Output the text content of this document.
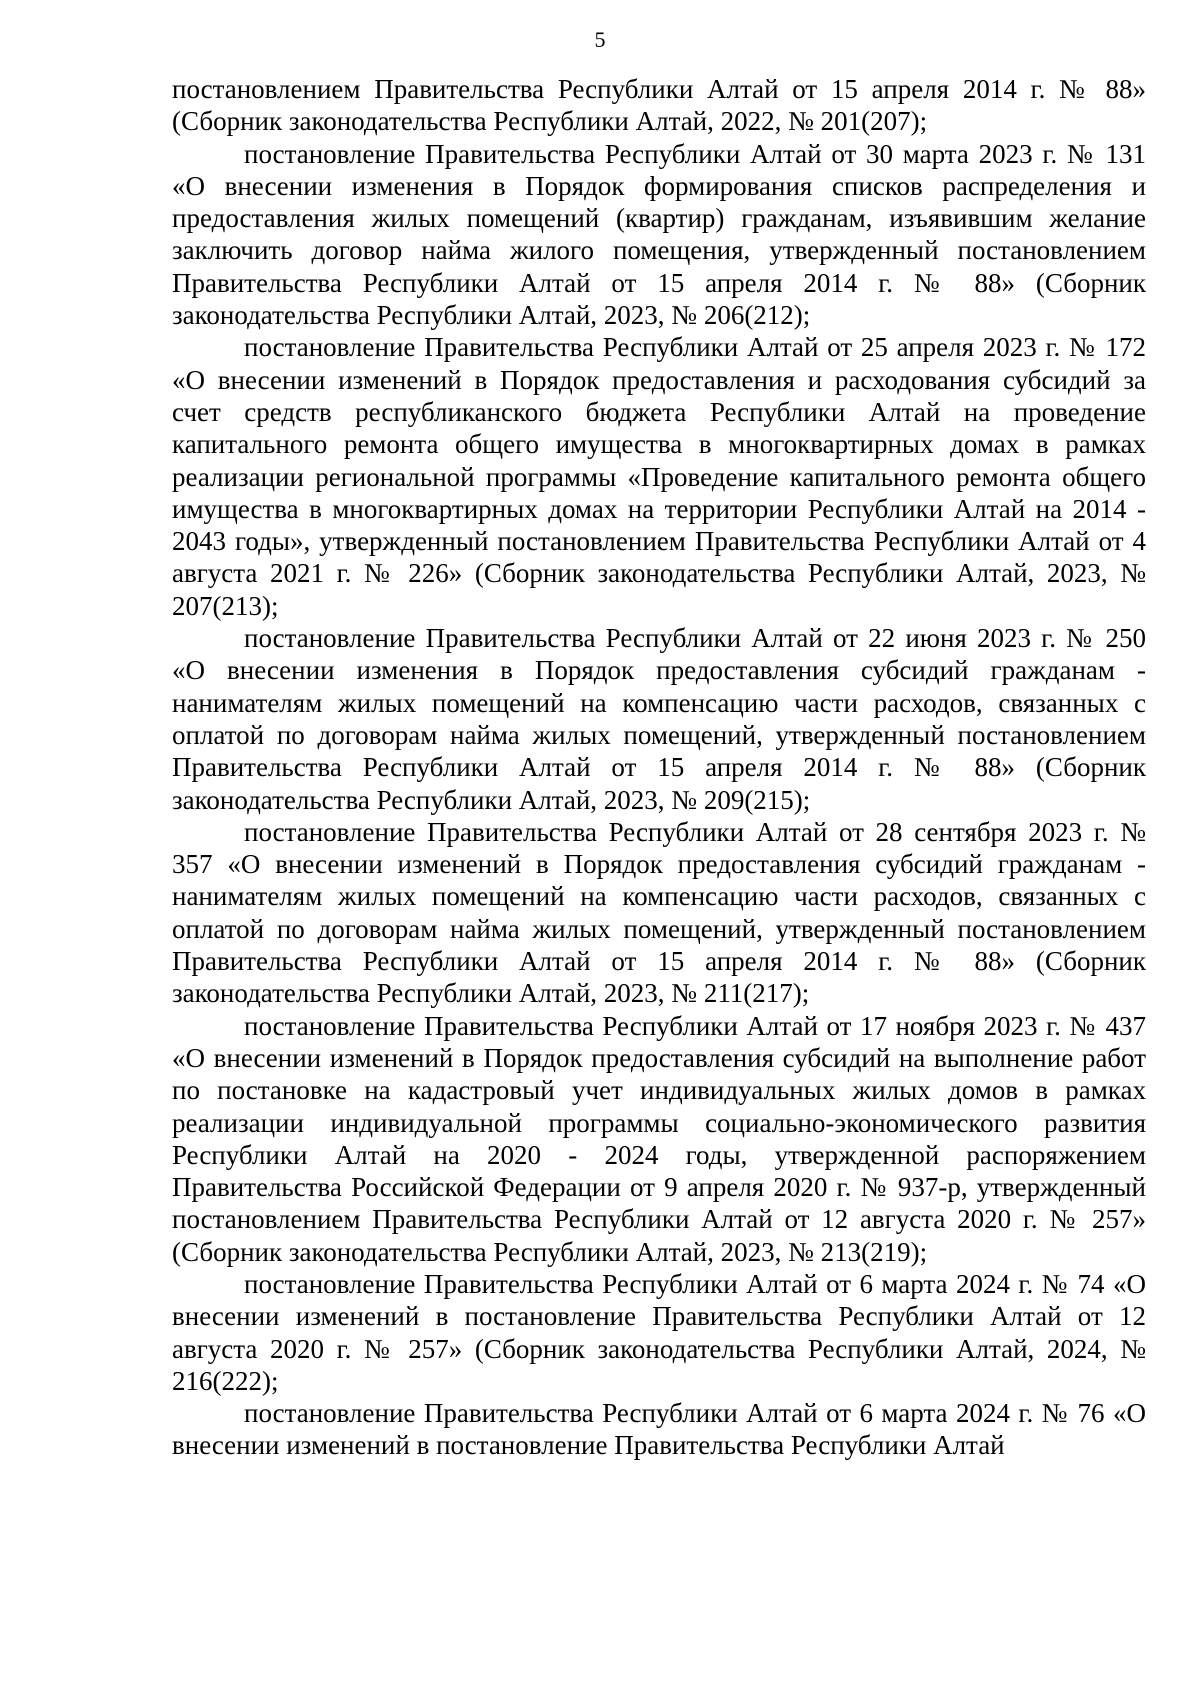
5

постановлением Правительства Республики Алтай от 15 апреля 2014 г. № 88» (Сборник законодательства Республики Алтай, 2022, № 201(207);

постановление Правительства Республики Алтай от 30 марта 2023 г. № 131 «О внесении изменения в Порядок формирования списков распределения и предоставления жилых помещений (квартир) гражданам, изъявившим желание заключить договор найма жилого помещения, утвержденный постановлением Правительства Республики Алтай от 15 апреля 2014 г. № 88» (Сборник законодательства Республики Алтай, 2023, № 206(212);

постановление Правительства Республики Алтай от 25 апреля 2023 г. № 172 «О внесении изменений в Порядок предоставления и расходования субсидий за счет средств республиканского бюджета Республики Алтай на проведение капитального ремонта общего имущества в многоквартирных домах в рамках реализации региональной программы «Проведение капитального ремонта общего имущества в многоквартирных домах на территории Республики Алтай на 2014 - 2043 годы», утвержденный постановлением Правительства Республики Алтай от 4 августа 2021 г. № 226» (Сборник законодательства Республики Алтай, 2023, № 207(213);

постановление Правительства Республики Алтай от 22 июня 2023 г. № 250 «О внесении изменения в Порядок предоставления субсидий гражданам - нанимателям жилых помещений на компенсацию части расходов, связанных с оплатой по договорам найма жилых помещений, утвержденный постановлением Правительства Республики Алтай от 15 апреля 2014 г. № 88» (Сборник законодательства Республики Алтай, 2023, № 209(215);

постановление Правительства Республики Алтай от 28 сентября 2023 г. № 357 «О внесении изменений в Порядок предоставления субсидий гражданам - нанимателям жилых помещений на компенсацию части расходов, связанных с оплатой по договорам найма жилых помещений, утвержденный постановлением Правительства Республики Алтай от 15 апреля 2014 г. № 88» (Сборник законодательства Республики Алтай, 2023, № 211(217);

постановление Правительства Республики Алтай от 17 ноября 2023 г. № 437 «О внесении изменений в Порядок предоставления субсидий на выполнение работ по постановке на кадастровый учет индивидуальных жилых домов в рамках реализации индивидуальной программы социально-экономического развития Республики Алтай на 2020 - 2024 годы, утвержденной распоряжением Правительства Российской Федерации от 9 апреля 2020 г. № 937-р, утвержденный постановлением Правительства Республики Алтай от 12 августа 2020 г. № 257» (Сборник законодательства Республики Алтай, 2023, № 213(219);

постановление Правительства Республики Алтай от 6 марта 2024 г. № 74 «О внесении изменений в постановление Правительства Республики Алтай от 12 августа 2020 г. № 257» (Сборник законодательства Республики Алтай, 2024, № 216(222);

постановление Правительства Республики Алтай от 6 марта 2024 г. № 76 «О внесении изменений в постановление Правительства Республики Алтай
